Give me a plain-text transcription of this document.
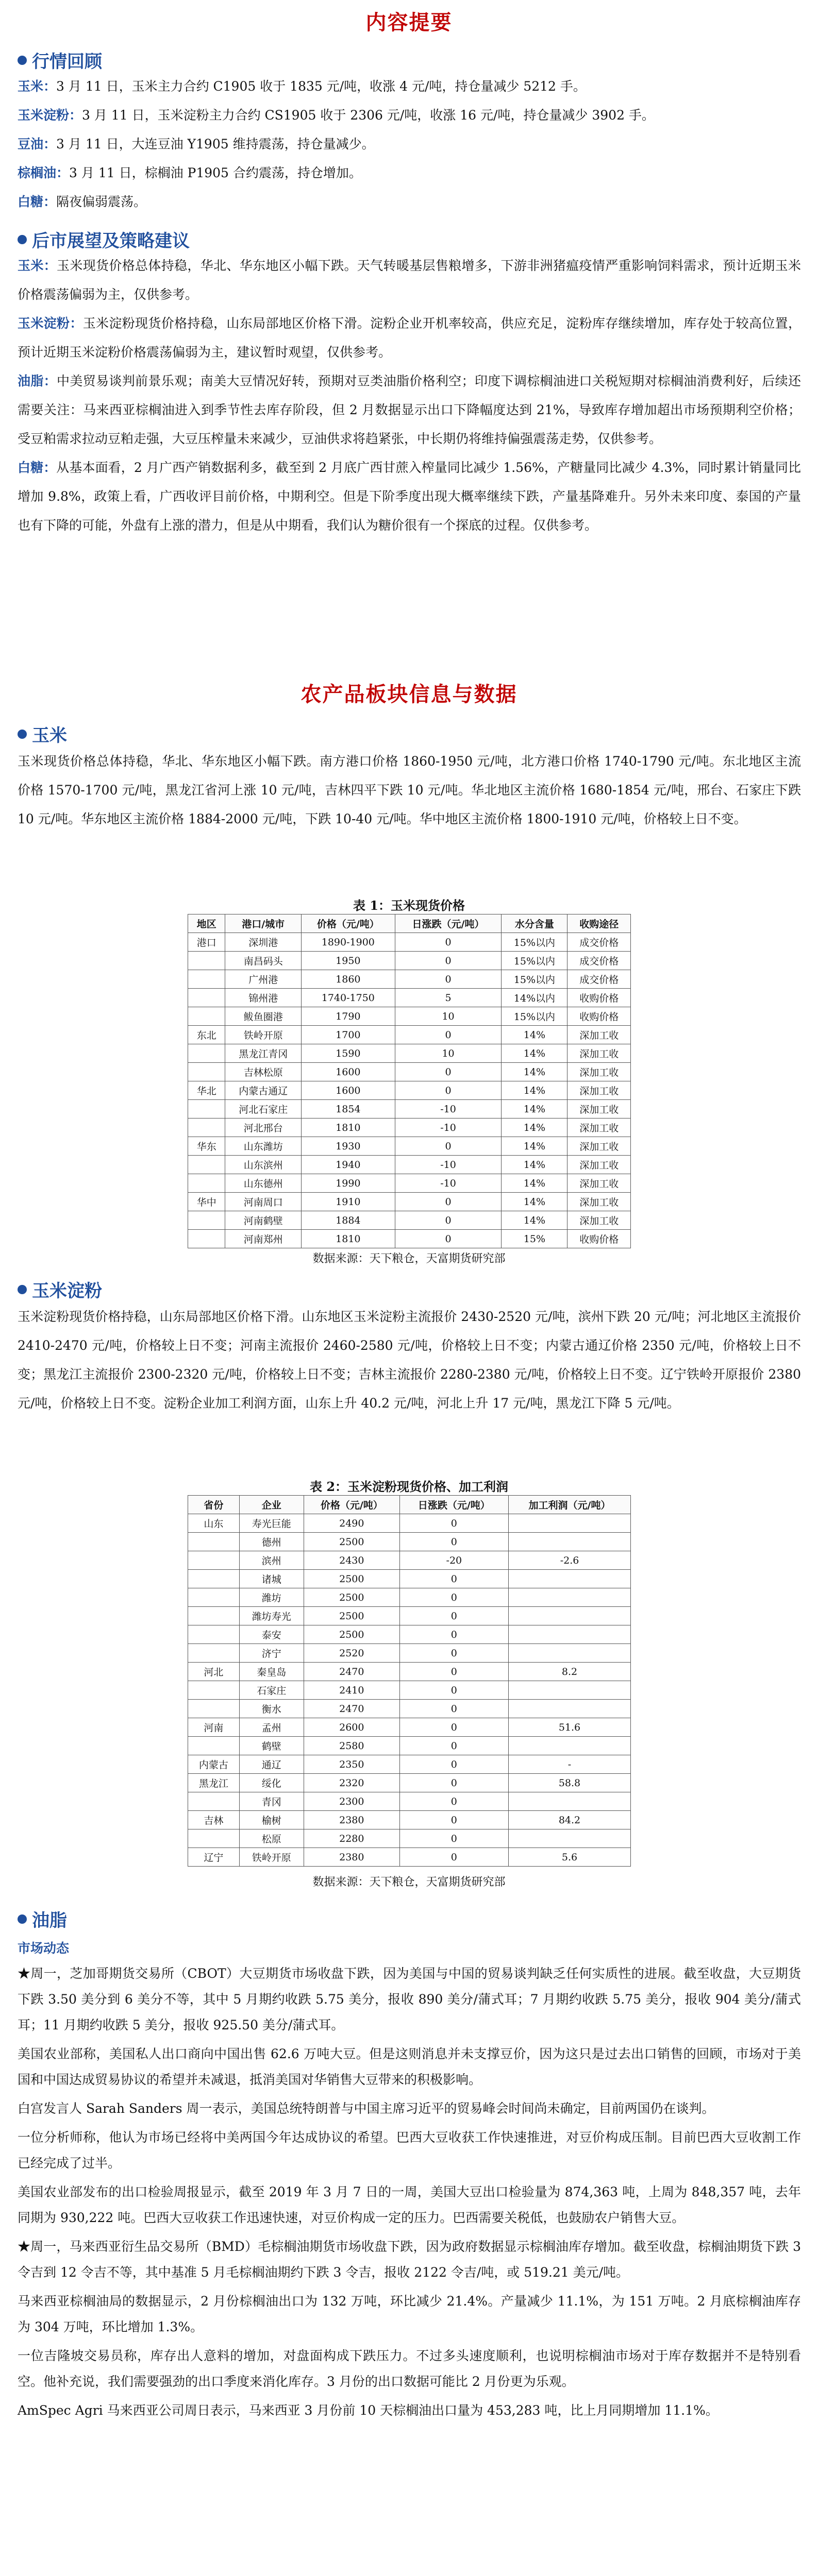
内容提要
行情回顾
玉米：3 月 11 日，玉米主力合约 C1905 收于 1835 元/吨，收涨 4 元/吨，持仓量减少 5212 手。
玉米淀粉：3 月 11 日，玉米淀粉主力合约 CS1905 收于 2306 元/吨，收涨 16 元/吨，持仓量减少 3902 手。
豆油：3 月 11 日，大连豆油 Y1905 维持震荡，持仓量减少。
棕榈油：3 月 11 日，棕榈油 P1905 合约震荡，持仓增加。
白糖：隔夜偏弱震荡。
后市展望及策略建议
玉米：玉米现货价格总体持稳，华北、华东地区小幅下跌。天气转暖基层售粮增多，下游非洲猪瘟疫情严重影响饲料需求，预计近期玉米价格震荡偏弱为主，仅供参考。
玉米淀粉：玉米淀粉现货价格持稳，山东局部地区价格下滑。淀粉企业开机率较高，供应充足，淀粉库存继续增加，库存处于较高位置，预计近期玉米淀粉价格震荡偏弱为主，建议暂时观望，仅供参考。
油脂：中美贸易谈判前景乐观；南美大豆情况好转，预期对豆类油脂价格利空；印度下调棕榈油进口关税短期对棕榈油消费利好，后续还需要关注：马来西亚棕榈油进入到季节性去库存阶段，但 2 月数据显示出口下降幅度达到 21%，导致库存增加超出市场预期利空价格；受豆粕需求拉动豆粕走强，大豆压榨量未来减少，豆油供求将趋紧张，中长期仍将维持偏强震荡走势，仅供参考。
白糖：从基本面看，2 月广西产销数据利多，截至到 2 月底广西甘蔗入榨量同比减少 1.56%，产糖量同比减少 4.3%，同时累计销量同比增加 9.8%，政策上看，广西收评目前价格，中期利空。但是下阶季度出现大概率继续下跌，产量基降难升。另外未来印度、泰国的产量也有下降的可能，外盘有上涨的潜力，但是从中期看，我们认为糖价很有一个探底的过程。仅供参考。
农产品板块信息与数据
玉米
玉米现货价格总体持稳，华北、华东地区小幅下跌。南方港口价格 1860-1950 元/吨，北方港口价格 1740-1790 元/吨。东北地区主流价格 1570-1700 元/吨，黑龙江省河上涨 10 元/吨，吉林四平下跌 10 元/吨。华北地区主流价格 1680-1854 元/吨，邢台、石家庄下跌 10 元/吨。华东地区主流价格 1884-2000 元/吨，下跌 10-40 元/吨。华中地区主流价格 1800-1910 元/吨，价格较上日不变。
表 1：玉米现货价格
地区	港口/城市	价格（元/吨）	日涨跌（元/吨）	水分含量	收购途径
港口	深圳港	1890-1900	0	15%以内	成交价格
	南昌码头	1950	0	15%以内	成交价格
	广州港	1860	0	15%以内	成交价格
	锦州港	1740-1750	5	14%以内	收购价格
	鲅鱼圈港	1790	10	15%以内	收购价格
东北	铁岭开原	1700	0	14%	深加工收
	黑龙江青冈	1590	10	14%	深加工收
	吉林松原	1600	0	14%	深加工收
华北	内蒙古通辽	1600	0	14%	深加工收
	河北石家庄	1854	-10	14%	深加工收
	河北邢台	1810	-10	14%	深加工收
华东	山东潍坊	1930	0	14%	深加工收
	山东滨州	1940	-10	14%	深加工收
	山东德州	1990	-10	14%	深加工收
华中	河南周口	1910	0	14%	深加工收
	河南鹤壁	1884	0	14%	深加工收
	河南郑州	1810	0	15%	收购价格
数据来源：天下粮仓，天富期货研究部
玉米淀粉
玉米淀粉现货价格持稳，山东局部地区价格下滑。山东地区玉米淀粉主流报价 2430-2520 元/吨，滨州下跌 20 元/吨；河北地区主流报价 2410-2470 元/吨，价格较上日不变；河南主流报价 2460-2580 元/吨，价格较上日不变；内蒙古通辽价格 2350 元/吨，价格较上日不变；黑龙江主流报价 2300-2320 元/吨，价格较上日不变；吉林主流报价 2280-2380 元/吨，价格较上日不变。辽宁铁岭开原报价 2380 元/吨，价格较上日不变。淀粉企业加工利润方面，山东上升 40.2 元/吨，河北上升 17 元/吨，黑龙江下降 5 元/吨。
表 2：玉米淀粉现货价格、加工利润
省份	企业	价格（元/吨）	日涨跌（元/吨）	加工利润（元/吨）
山东	寿光巨能	2490	0	
	德州	2500	0	
	滨州	2430	-20	-2.6
	诸城	2500	0	
	潍坊	2500	0	
	潍坊寿光	2500	0	
	泰安	2500	0	
	济宁	2520	0	
河北	秦皇岛	2470	0	8.2
	石家庄	2410	0	
	衡水	2470	0	
河南	孟州	2600	0	51.6
	鹤壁	2580	0	
内蒙古	通辽	2350	0	-
黑龙江	绥化	2320	0	58.8
	青冈	2300	0	
吉林	榆树	2380	0	84.2
	松原	2280	0	
辽宁	铁岭开原	2380	0	5.6
数据来源：天下粮仓，天富期货研究部
油脂
市场动态
★周一，芝加哥期货交易所（CBOT）大豆期货市场收盘下跌，因为美国与中国的贸易谈判缺乏任何实质性的进展。截至收盘，大豆期货下跌 3.50 美分到 6 美分不等，其中 5 月期约收跌 5.75 美分，报收 890 美分/蒲式耳；7 月期约收跌 5.75 美分，报收 904 美分/蒲式耳；11 月期约收跌 5 美分，报收 925.50 美分/蒲式耳。
美国农业部称，美国私人出口商向中国出售 62.6 万吨大豆。但是这则消息并未支撑豆价，因为这只是过去出口销售的回顾，市场对于美国和中国达成贸易协议的希望并未减退，抵消美国对华销售大豆带来的积极影响。
白宫发言人 Sarah Sanders 周一表示，美国总统特朗普与中国主席习近平的贸易峰会时间尚未确定，目前两国仍在谈判。
一位分析师称，他认为市场已经将中美两国今年达成协议的希望。巴西大豆收获工作快速推进，对豆价构成压制。目前巴西大豆收割工作已经完成了过半。
美国农业部发布的出口检验周报显示，截至 2019 年 3 月 7 日的一周，美国大豆出口检验量为 874,363 吨，上周为 848,357 吨，去年同期为 930,222 吨。巴西大豆收获工作迅速快速，对豆价构成一定的压力。巴西需要关税低，也鼓励农户销售大豆。
★周一，马来西亚衍生品交易所（BMD）毛棕榈油期货市场收盘下跌，因为政府数据显示棕榈油库存增加。截至收盘，棕榈油期货下跌 3 令吉到 12 令吉不等，其中基准 5 月毛棕榈油期约下跌 3 令吉，报收 2122 令吉/吨，或 519.21 美元/吨。
马来西亚棕榈油局的数据显示，2 月份棕榈油出口为 132 万吨，环比减少 21.4%。产量减少 11.1%，为 151 万吨。2 月底棕榈油库存为 304 万吨，环比增加 1.3%。
一位吉隆坡交易员称，库存出人意料的增加，对盘面构成下跌压力。不过多头速度顺利，也说明棕榈油市场对于库存数据并不是特别看空。他补充说，我们需要强劲的出口季度来消化库存。3 月份的出口数据可能比 2 月份更为乐观。
AmSpec Agri 马来西亚公司周日表示，马来西亚 3 月份前 10 天棕榈油出口量为 453,283 吨，比上月同期增加 11.1%。
